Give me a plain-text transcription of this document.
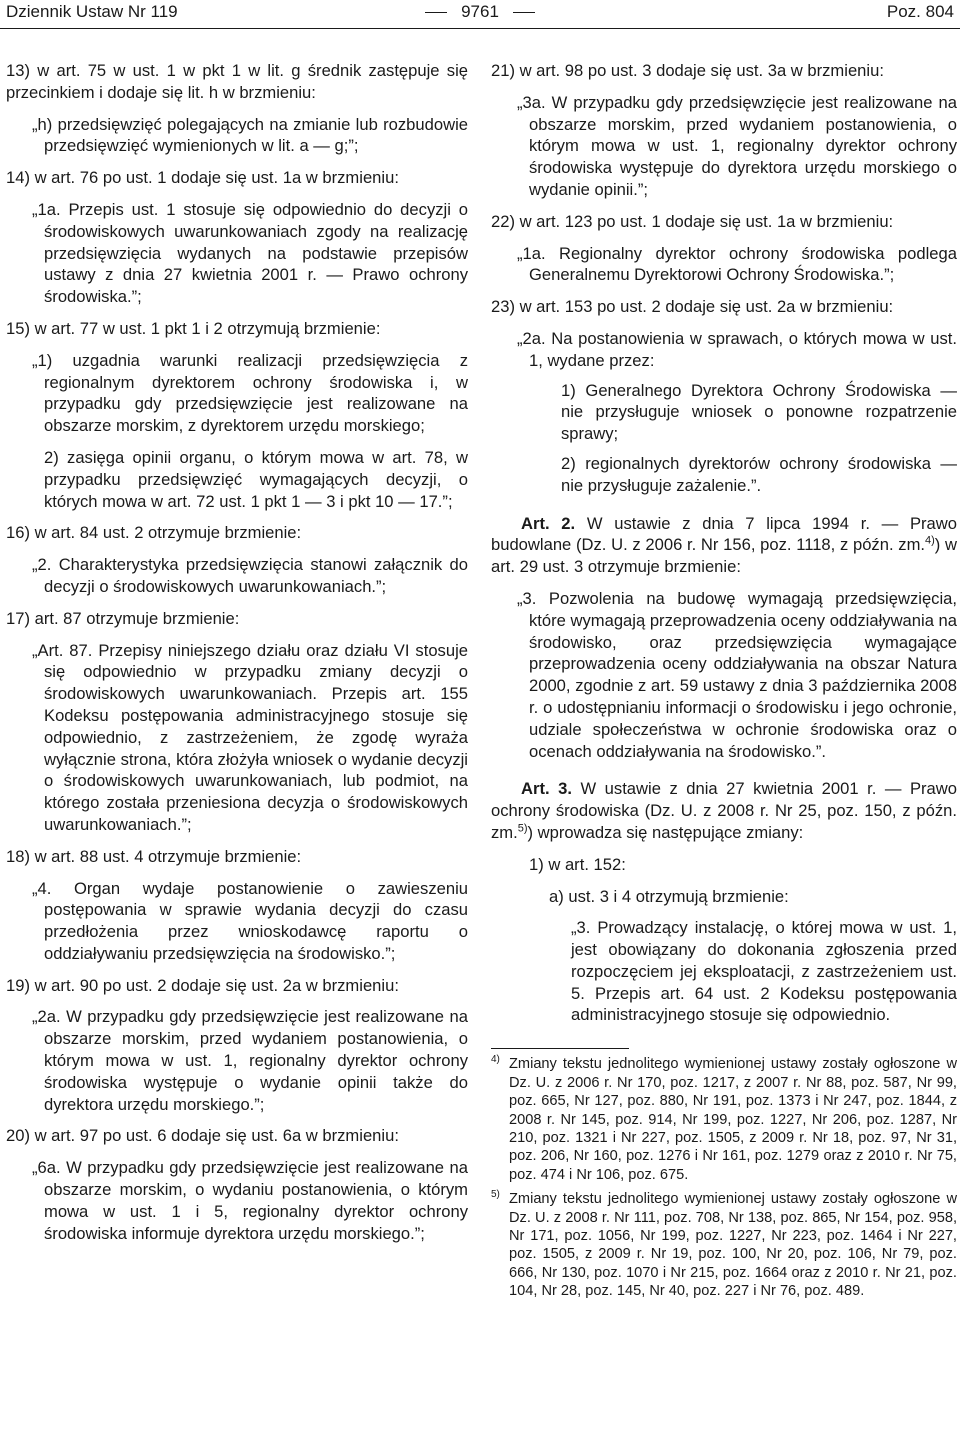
Dziennik Ustaw Nr 119	9761	Poz. 804

13) w art. 75 w ust. 1 w pkt 1 w lit. g średnik zastępuje się przecinkiem i dodaje się lit. h w brzmieniu:

„h) przedsięwzięć polegających na zmianie lub rozbudowie przedsięwzięć wymienionych w lit. a — g;”;

14) w art. 76 po ust. 1 dodaje się ust. 1a w brzmieniu:

„1a. Przepis ust. 1 stosuje się odpowiednio do decyzji o środowiskowych uwarunkowaniach zgody na realizację przedsięwzięcia wydanych na podstawie przepisów ustawy z dnia 27 kwietnia 2001 r. — Prawo ochrony środowiska.”;

15) w art. 77 w ust. 1 pkt 1 i 2 otrzymują brzmienie:

„1) uzgadnia warunki realizacji przedsięwzięcia z regionalnym dyrektorem ochrony środowiska i, w przypadku gdy przedsięwzięcie jest realizowane na obszarze morskim, z dyrektorem urzędu morskiego;

2) zasięga opinii organu, o którym mowa w art. 78, w przypadku przedsięwzięć wymagających decyzji, o których mowa w art. 72 ust. 1 pkt 1 — 3 i pkt 10 — 17.”;

16) w art. 84 ust. 2 otrzymuje brzmienie:

„2. Charakterystyka przedsięwzięcia stanowi załącznik do decyzji o środowiskowych uwarunkowaniach.”;

17) art. 87 otrzymuje brzmienie:

„Art. 87. Przepisy niniejszego działu oraz działu VI stosuje się odpowiednio w przypadku zmiany decyzji o środowiskowych uwarunkowaniach. Przepis art. 155 Kodeksu postępowania administracyjnego stosuje się odpowiednio, z zastrzeżeniem, że zgodę wyraża wyłącznie strona, która złożyła wniosek o wydanie decyzji o środowiskowych uwarunkowaniach, lub podmiot, na którego została przeniesiona decyzja o środowiskowych uwarunkowaniach.”;

18) w art. 88 ust. 4 otrzymuje brzmienie:

„4. Organ wydaje postanowienie o zawieszeniu postępowania w sprawie wydania decyzji do czasu przedłożenia przez wnioskodawcę raportu o oddziaływaniu przedsięwzięcia na środowisko.”;

19) w art. 90 po ust. 2 dodaje się ust. 2a w brzmieniu:

„2a. W przypadku gdy przedsięwzięcie jest realizowane na obszarze morskim, przed wydaniem postanowienia, o którym mowa w ust. 1, regionalny dyrektor ochrony środowiska występuje o wydanie opinii także do dyrektora urzędu morskiego.”;

20) w art. 97 po ust. 6 dodaje się ust. 6a w brzmieniu:

„6a. W przypadku gdy przedsięwzięcie jest realizowane na obszarze morskim, o wydaniu postanowienia, o którym mowa w ust. 1 i 5, regionalny dyrektor ochrony środowiska informuje dyrektora urzędu morskiego.”;

21) w art. 98 po ust. 3 dodaje się ust. 3a w brzmieniu:

„3a. W przypadku gdy przedsięwzięcie jest realizowane na obszarze morskim, przed wydaniem postanowienia, o którym mowa w ust. 1, regionalny dyrektor ochrony środowiska występuje do dyrektora urzędu morskiego o wydanie opinii.”;

22) w art. 123 po ust. 1 dodaje się ust. 1a w brzmieniu:

„1a. Regionalny dyrektor ochrony środowiska podlega Generalnemu Dyrektorowi Ochrony Środowiska.”;

23) w art. 153 po ust. 2 dodaje się ust. 2a w brzmieniu:

„2a. Na postanowienia w sprawach, o których mowa w ust. 1, wydane przez:

1) Generalnego Dyrektora Ochrony Środowiska — nie przysługuje wniosek o ponowne rozpatrzenie sprawy;

2) regionalnych dyrektorów ochrony środowiska — nie przysługuje zażalenie.”.

Art. 2. W ustawie z dnia 7 lipca 1994 r. — Prawo budowlane (Dz. U. z 2006 r. Nr 156, poz. 1118, z późn. zm.$^{4)}$) w art. 29 ust. 3 otrzymuje brzmienie:

„3. Pozwolenia na budowę wymagają przedsięwzięcia, które wymagają przeprowadzenia oceny oddziaływania na środowisko, oraz przedsięwzięcia wymagające przeprowadzenia oceny oddziaływania na obszar Natura 2000, zgodnie z art. 59 ustawy z dnia 3 października 2008 r. o udostępnianiu informacji o środowisku i jego ochronie, udziale społeczeństwa w ochronie środowiska oraz o ocenach oddziaływania na środowisko.”.

Art. 3. W ustawie z dnia 27 kwietnia 2001 r. — Prawo ochrony środowiska (Dz. U. z 2008 r. Nr 25, poz. 150, z późn. zm.$^{5)}$) wprowadza się następujące zmiany:

1) w art. 152:

a) ust. 3 i 4 otrzymują brzmienie:

„3. Prowadzący instalację, o której mowa w ust. 1, jest obowiązany do dokonania zgłoszenia przed rozpoczęciem jej eksploatacji, z zastrzeżeniem ust. 5. Przepis art. 64 ust. 2 Kodeksu postępowania administracyjnego stosuje się odpowiednio.

4) Zmiany tekstu jednolitego wymienionej ustawy zostały ogłoszone w Dz. U. z 2006 r. Nr 170, poz. 1217, z 2007 r. Nr 88, poz. 587, Nr 99, poz. 665, Nr 127, poz. 880, Nr 191, poz. 1373 i Nr 247, poz. 1844, z 2008 r. Nr 145, poz. 914, Nr 199, poz. 1227, Nr 206, poz. 1287, Nr 210, poz. 1321 i Nr 227, poz. 1505, z 2009 r. Nr 18, poz. 97, Nr 31, poz. 206, Nr 160, poz. 1276 i Nr 161, poz. 1279 oraz z 2010 r. Nr 75, poz. 474 i Nr 106, poz. 675.

5) Zmiany tekstu jednolitego wymienionej ustawy zostały ogłoszone w Dz. U. z 2008 r. Nr 111, poz. 708, Nr 138, poz. 865, Nr 154, poz. 958, Nr 171, poz. 1056, Nr 199, poz. 1227, Nr 223, poz. 1464 i Nr 227, poz. 1505, z 2009 r. Nr 19, poz. 100, Nr 20, poz. 106, Nr 79, poz. 666, Nr 130, poz. 1070 i Nr 215, poz. 1664 oraz z 2010 r. Nr 21, poz. 104, Nr 28, poz. 145, Nr 40, poz. 227 i Nr 76, poz. 489.
